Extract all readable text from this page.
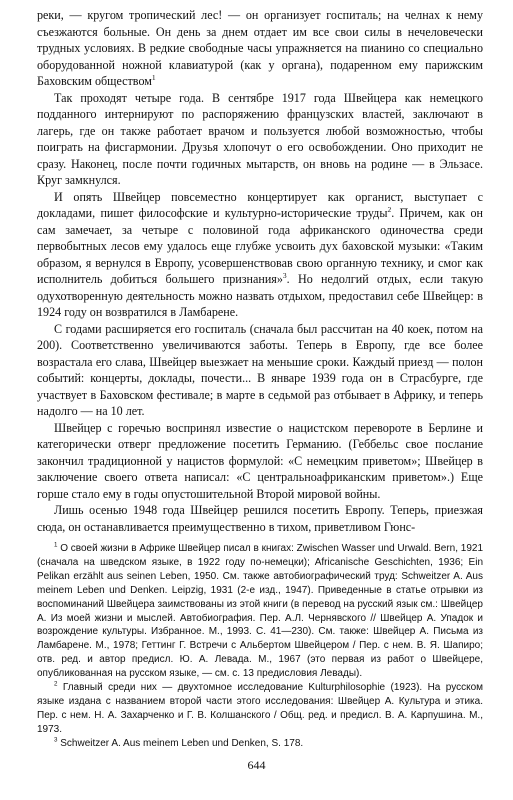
реки, — кругом тропический лес! — он организует госпиталь; на челнах к нему съезжаются больные. Он день за днем отдает им все свои силы в нечеловечески трудных условиях. В редкие свободные часы упражняется на пианино со специально оборудованной ножной клавиатурой (как у органа), подаренном ему парижским Баховским обществом$^1$

Так проходят четыре года. В сентябре 1917 года Швейцера как немецкого подданного интернируют по распоряжению французских властей, заключают в лагерь, где он также работает врачом и пользуется любой возможностью, чтобы поиграть на фисгармонии. Друзья хлопочут о его освобождении. Оно приходит не сразу. Наконец, после почти годичных мытарств, он вновь на родине — в Эльзасе. Круг замкнулся.

И опять Швейцер повсеместно концертирует как органист, выступает с докладами, пишет философские и культурно-исторические труды$^2$. Причем, как он сам замечает, за четыре с половиной года африканского одиночества среди первобытных лесов ему удалось еще глубже усвоить дух баховской музыки: «Таким образом, я вернулся в Европу, усовершенствовав свою органную технику, и смог как исполнитель добиться большего признания»$^3$. Но недолгий отдых, если такую одухотворенную деятельность можно назвать отдыхом, предоставил себе Швейцер: в 1924 году он возвратился в Ламбарене.

С годами расширяется его госпиталь (сначала был рассчитан на 40 коек, потом на 200). Соответственно увеличиваются заботы. Теперь в Европу, где все более возрастала его слава, Швейцер выезжает на меньшие сроки. Каждый приезд — полон событий: концерты, доклады, почести... В январе 1939 года он в Страсбурге, где участвует в Баховском фестивале; в марте в седьмой раз отбывает в Африку, и теперь надолго — на 10 лет.

Швейцер с горечью воспринял известие о нацистском перевороте в Берлине и категорически отверг предложение посетить Германию. (Геббельс свое послание закончил традиционной у нацистов формулой: «С немецким приветом»; Швейцер в заключение своего ответа написал: «С центральноафриканским приветом».) Еще горше стало ему в годы опустошительной Второй мировой войны.

Лишь осенью 1948 года Швейцер решился посетить Европу. Теперь, приезжая сюда, он останавливается преимущественно в тихом, приветливом Гюнс-

$^1$ О своей жизни в Африке Швейцер писал в книгах: Zwischen Wasser und Urwald. Bern, 1921 (сначала на шведском языке, в 1922 году по-немецки); Africanische Geschichten, 1936; Ein Pelikan erzählt aus seinen Leben, 1950. См. также автобиографический труд: Schweitzer A. Aus meinem Leben und Denken. Leipzig, 1931 (2-е изд., 1947). Приведенные в статье отрывки из воспоминаний Швейцера заимствованы из этой книги (в перевод на русский язык см.: Швейцер А. Из моей жизни и мыслей. Автобиография. Пер. А.Л. Чернявского // Швейцер А. Упадок и возрождение культуры. Избранное. М., 1993. С. 41—230). См. также: Швейцер А. Письма из Ламбарене. М., 1978; Геттинг Г. Встречи с Альбертом Швейцером / Пер. с нем. В. Я. Шапиро; отв. ред. и автор предисл. Ю. А. Левада. М., 1967 (это первая из работ о Швейцере, опубликованная на русском языке, — см. с. 13 предисловия Левады).

$^2$ Главный среди них — двухтомное исследование Kulturphilosophie (1923). На русском языке издана с названием второй части этого исследования: Швейцер А. Культура и этика. Пер. с нем. Н. А. Захарченко и Г. В. Колшанского / Общ. ред. и предисл. В. А. Карпушина. М., 1973.

$^3$ Schweitzer A. Aus meinem Leben und Denken, S. 178.

644
